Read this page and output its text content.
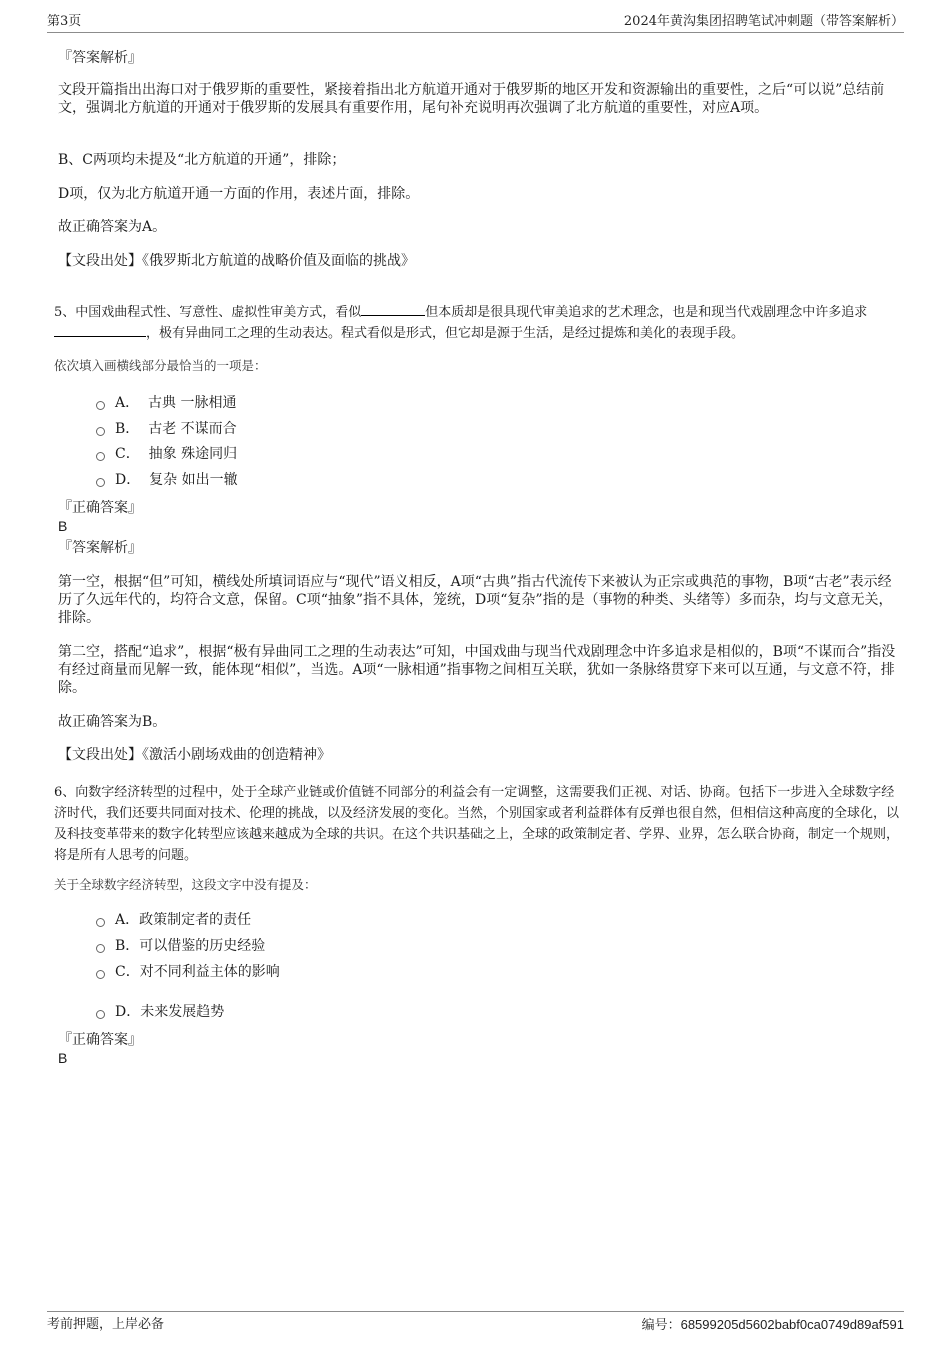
第3页	2024年黄沟集团招聘笔试冲刺题（带答案解析）
『答案解析』

文段开篇指出出海口对于俄罗斯的重要性，紧接着指出北方航道开通对于俄罗斯的地区开发和资源输出的重要性，之后“可以说”总结前文，强调北方航道的开通对于俄罗斯的发展具有重要作用，尾句补充说明再次强调了北方航道的重要性，对应A项。

B、C两项均未提及“北方航道的开通”，排除；

D项，仅为北方航道开通一方面的作用，表述片面，排除。

故正确答案为A。

【文段出处】《俄罗斯北方航道的战略价值及面临的挑战》

5、中国戏曲程式性、写意性、虚拟性审美方式，看似	但本质却是很具现代审美追求的艺术理念，也是和现当代戏剧理念中许多追求
，极有异曲同工之理的生动表达。程式看似是形式，但它却是源于生活，是经过提炼和美化的表现手段。
依次填入画横线部分最恰当的一项是：
A． 古典 一脉相通
B． 古老 不谋而合
C． 抽象 殊途同归
D． 复杂 如出一辙
『正确答案』
B
『答案解析』

第一空，根据“但”可知，横线处所填词语应与“现代”语义相反，A项“古典”指古代流传下来被认为正宗或典范的事物，B项“古老”表示经历了久远年代的，均符合文意，保留。C项“抽象”指不具体，笼统，D项“复杂”指的是（事物的种类、头绪等）多而杂，均与文意无关，排除。

第二空，搭配“追求”，根据“极有异曲同工之理的生动表达”可知，中国戏曲与现当代戏剧理念中许多追求是相似的，B项“不谋而合”指没有经过商量而见解一致，能体现“相似”，当选。A项“一脉相通”指事物之间相互关联，犹如一条脉络贯穿下来可以互通，与文意不符，排除。

故正确答案为B。

【文段出处】《激活小剧场戏曲的创造精神》

6、向数字经济转型的过程中，处于全球产业链或价值链不同部分的利益会有一定调整，这需要我们正视、对话、协商。包括下一步进入全球数字经济时代，我们还要共同面对技术、伦理的挑战，以及经济发展的变化。当然，个别国家或者利益群体有反弹也很自然，但相信这种高度的全球化，以及科技变革带来的数字化转型应该越来越成为全球的共识。在这个共识基础之上，全球的政策制定者、学界、业界，怎么联合协商，制定一个规则，将是所有人思考的问题。

关于全球数字经济转型，这段文字中没有提及：
A．政策制定者的责任
B．可以借鉴的历史经验
C．对不同利益主体的影响
D．未来发展趋势
『正确答案』
B
考前押题，上岸必备	编号：68599205d5602babf0ca0749d89af591
